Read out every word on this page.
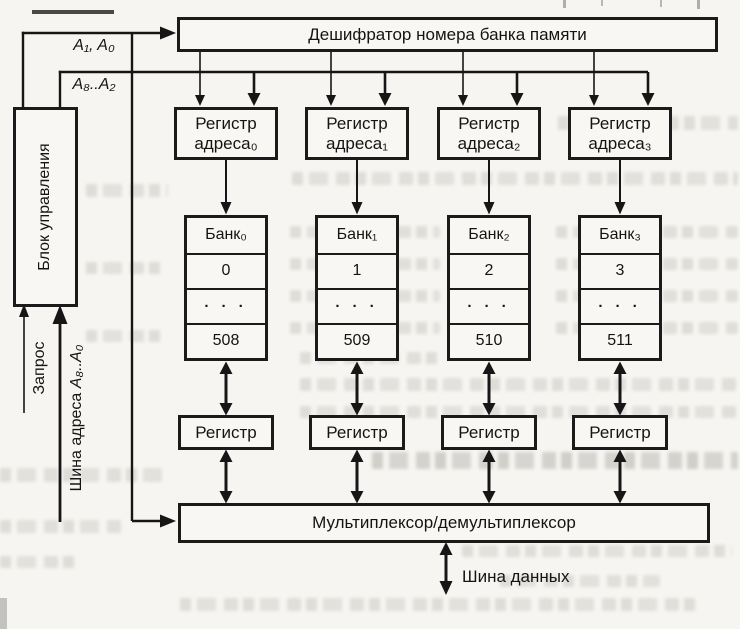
Дешифратор номера банка памяти
Блок управления
A₁, A₀
A₈..A₂
Запрос
Шина адреса A₈..A₀
Регистр
адреса₀
Банк₀
0
· · ·
508
Регистр
Регистр
адреса₁
Банк₁
1
· · ·
509
Регистр
Регистр
адреса₂
Банк₂
2
· · ·
510
Регистр
Регистр
адреса₃
Банк₃
3
· · ·
511
Регистр
Мультиплексор/демультиплексор
Шина данных
